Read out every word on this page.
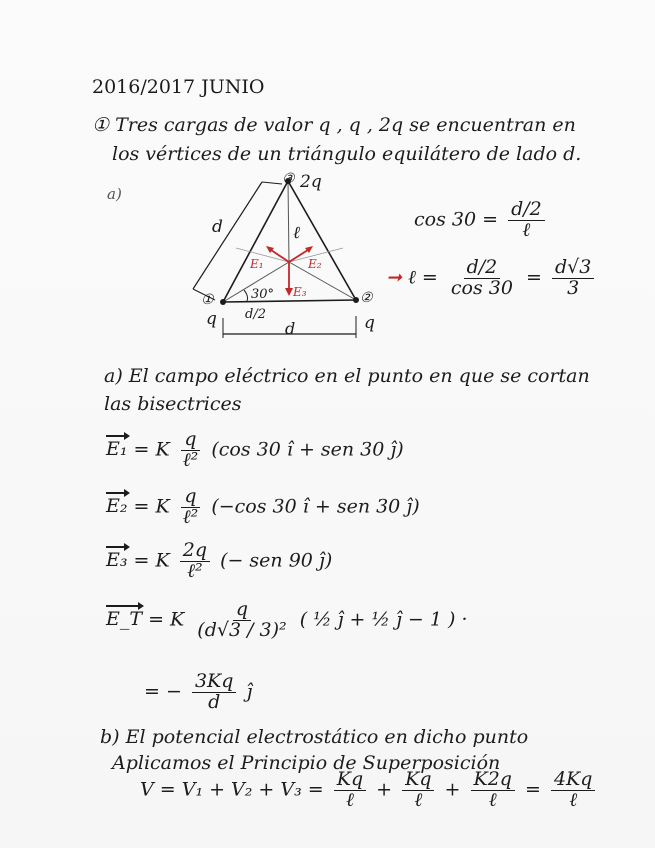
2016/2017 JUNIO
① Tres cargas de valor q , q , 2q se encuentran en
los vértices de un triángulo equilátero de lado d.
a)
③ 2q
①
q
②
q
d	ℓ
30°
d/2
d
E₁	E₂
E₃
$\cos 30 = \frac{d/2}{\text{ℓ}}$
➞ ℓ = $\frac{d/2}{\cos 30} = \frac{d√3}{3}$
a) El campo eléctrico en el punto en que se cortan
las bisectrices
E₁ = K $\frac{q}{\text{ℓ²}} (\cos$ 30 î + sen 30 ĵ)
E₂ = K $\frac{q}{\text{ℓ²}} (-\cos$ 30 î + sen 30 ĵ)
E₃ = K $\frac{2q}{\text{ℓ²}}$ (− sen 90 ĵ)
E_T = K $\frac{q}{\text{(d√3 / 3)²}}$ ( ½ ĵ + ½ ĵ − 1 ) ·
= − $\frac{3Kq}{d}$ ĵ
b) El potencial electrostático en dicho punto
Aplicamos el Principio de Superposición
$V = V_1 + V_2 + V_3 = \frac{Kq}{\text{ℓ}} + \frac{Kq}{\text{ℓ}} + \frac{K2q}{\text{ℓ}} = \frac{4Kq}{\text{ℓ}}$
